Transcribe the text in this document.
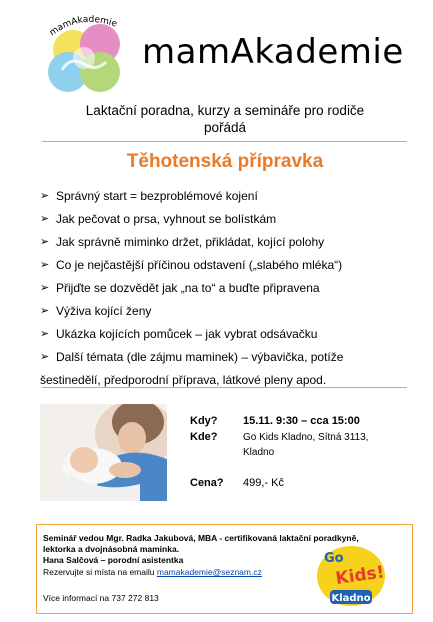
mamAkademie
mamAkademie
Laktační poradna, kurzy a semináře pro rodiče
pořádá
Těhotenská přípravka
➢ Správný start = bezproblémové kojení
➢ Jak pečovat o prsa, vyhnout se bolístkám
➢ Jak správně miminko držet, přikládat, kojící polohy
➢ Co je nejčastější příčinou odstavení („slabého mléka“)
➢ Přijďte se dozvědět jak „na to“ a buďte připravena
➢ Výživa kojící ženy
➢ Ukázka kojících pomůcek – jak vybrat odsávačku
➢ Další témata (dle zájmu maminek) – výbavička, potíže
šestinedělí, předporodní příprava, látkové pleny apod.
Kdy? 15.11. 9:30 – cca 15:00
Kde?	Go Kids Kladno, Sítná 3113,
Kladno
Cena? 499,- Kč
Seminář vedou Mgr. Radka Jakubová, MBA - certifikovaná laktační poradkyně,
lektorka a dvojnásobná maminka.
Hana Salčová – porodní asistentka
Rezervujte si místa na emailu mamakademie@seznam.cz
Více informací na 737 272 813
Go
Kids!
Kladno
